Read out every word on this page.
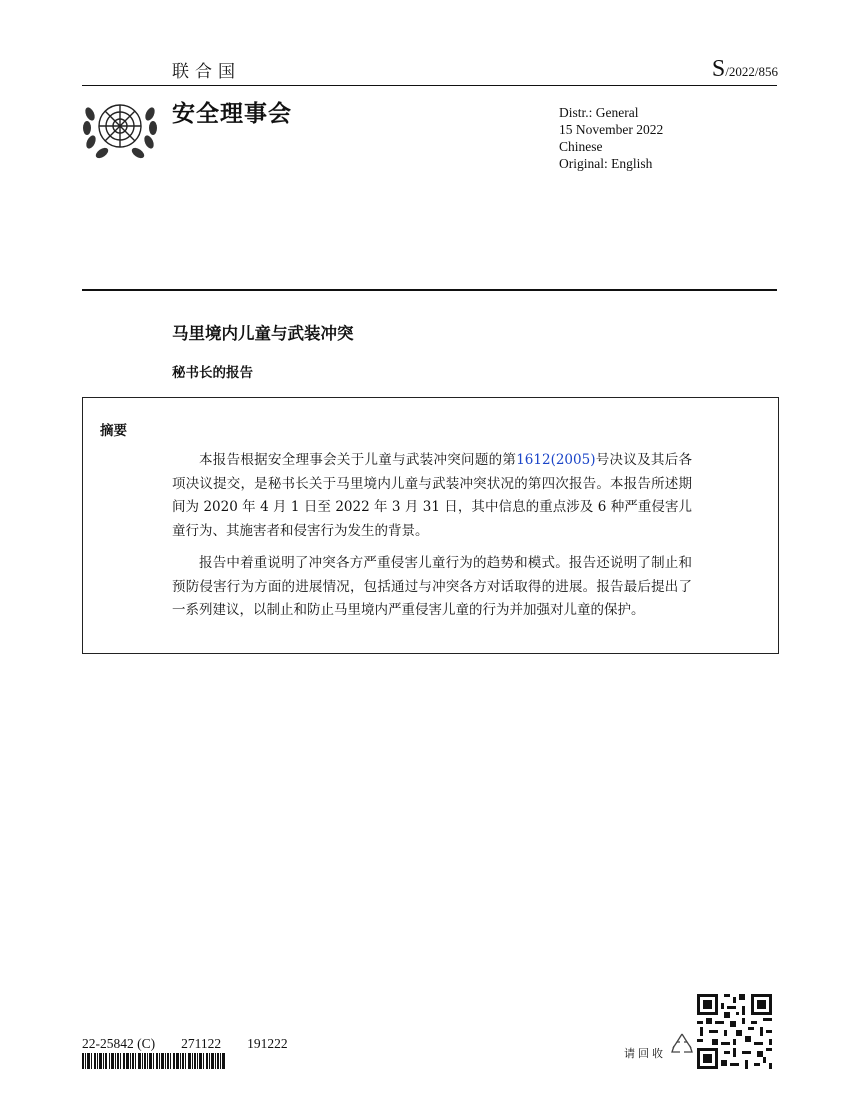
联合国	S/2022/856
安全理事会	Distr.: General
15 November 2022
Chinese
Original: English
马里境内儿童与武装冲突
秘书长的报告
摘要

本报告根据安全理事会关于儿童与武装冲突问题的第1612(2005)号决议及其后各项决议提交，是秘书长关于马里境内儿童与武装冲突状况的第四次报告。本报告所述期间为 2020 年 4 月 1 日至 2022 年 3 月 31 日，其中信息的重点涉及 6 种严重侵害儿童行为、其施害者和侵害行为发生的背景。

报告中着重说明了冲突各方严重侵害儿童行为的趋势和模式。报告还说明了制止和预防侵害行为方面的进展情况，包括通过与冲突各方对话取得的进展。报告最后提出了一系列建议，以制止和防止马里境内严重侵害儿童的行为并加强对儿童的保护。

22-25842 (C) 271122 191222
请回收
